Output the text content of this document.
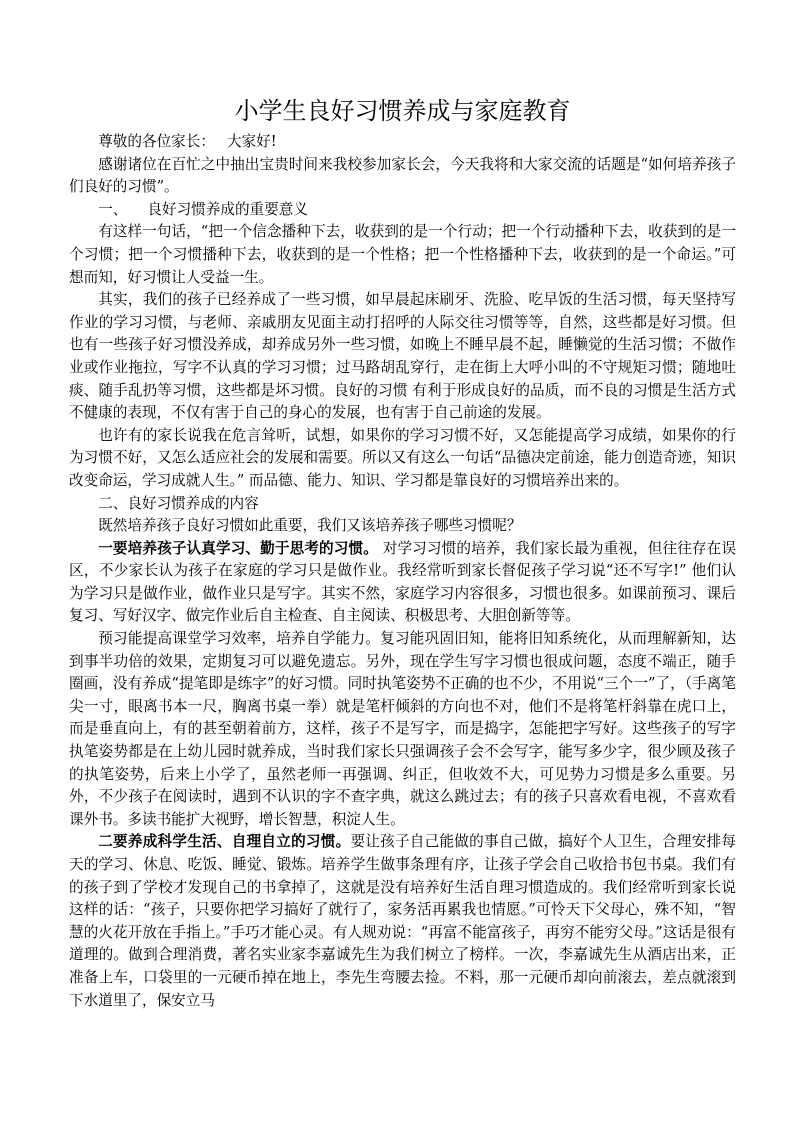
小学生良好习惯养成与家庭教育

尊敬的各位家长： 大家好!

感谢诸位在百忙之中抽出宝贵时间来我校参加家长会，今天我将和大家交流的话题是“如何培养孩子们良好的习惯”。

一、 良好习惯养成的重要意义

有这样一句话，“把一个信念播种下去，收获到的是一个行动；把一个行动播种下去，收获到的是一个习惯；把一个习惯播种下去，收获到的是一个性格；把一个性格播种下去，收获到的是一个命运。”可想而知，好习惯让人受益一生。

其实，我们的孩子已经养成了一些习惯，如早晨起床刷牙、洗脸、吃早饭的生活习惯，每天坚持写作业的学习习惯，与老师、亲戚朋友见面主动打招呼的人际交往习惯等等，自然，这些都是好习惯。但也有一些孩子好习惯没养成，却养成另外一些习惯，如晚上不睡早晨不起，睡懒觉的生活习惯；不做作业或作业拖拉，写字不认真的学习习惯；过马路胡乱穿行，走在街上大呼小叫的不守规矩习惯；随地吐痰、随手乱扔等习惯，这些都是坏习惯。良好的习惯 有利于形成良好的品质，而不良的习惯是生活方式不健康的表现，不仅有害于自己的身心的发展，也有害于自己前途的发展。

也许有的家长说我在危言耸听，试想，如果你的学习习惯不好，又怎能提高学习成绩，如果你的行为习惯不好，又怎么适应社会的发展和需要。所以又有这么一句话“品德决定前途，能力创造奇迹，知识改变命运，学习成就人生。” 而品德、能力、知识、学习都是靠良好的习惯培养出来的。

二、良好习惯养成的内容

既然培养孩子良好习惯如此重要，我们又该培养孩子哪些习惯呢？

一要培养孩子认真学习、勤于思考的习惯。 对学习习惯的培养，我们家长最为重视，但往往存在误区，不少家长认为孩子在家庭的学习只是做作业。我经常听到家长督促孩子学习说“还不写字!” 他们认为学习只是做作业，做作业只是写字。其实不然，家庭学习内容很多，习惯也很多。如课前预习、课后复习、写好汉字、做完作业后自主检查、自主阅读、积极思考、大胆创新等等。

预习能提高课堂学习效率，培养自学能力。复习能巩固旧知，能将旧知系统化，从而理解新知，达到事半功倍的效果，定期复习可以避免遗忘。另外，现在学生写字习惯也很成问题，态度不端正，随手圈画，没有养成“提笔即是练字”的好习惯。同时执笔姿势不正确的也不少，不用说“三个一”了，（手离笔尖一寸，眼离书本一尺，胸离书桌一拳）就是笔杆倾斜的方向也不对，他们不是将笔杆斜靠在虎口上，而是垂直向上，有的甚至朝着前方，这样，孩子不是写字，而是捣字，怎能把字写好。这些孩子的写字执笔姿势都是在上幼儿园时就养成，当时我们家长只强调孩子会不会写字，能写多少字，很少顾及孩子的执笔姿势，后来上小学了，虽然老师一再强调、纠正，但收效不大，可见势力习惯是多么重要。另外，不少孩子在阅读时，遇到不认识的字不查字典，就这么跳过去；有的孩子只喜欢看电视，不喜欢看课外书。多读书能扩大视野，增长智慧，积淀人生。

二要养成科学生活、自理自立的习惯。要让孩子自己能做的事自己做，搞好个人卫生，合理安排每天的学习、休息、吃饭、睡觉、锻炼。培养学生做事条理有序，让孩子学会自己收拾书包书桌。我们有的孩子到了学校才发现自己的书拿掉了，这就是没有培养好生活自理习惯造成的。我们经常听到家长说这样的话：“孩子，只要你把学习搞好了就行了，家务活再累我也情愿。”可怜天下父母心，殊不知，“智慧的火花开放在手指上。”手巧才能心灵。有人规劝说：“再富不能富孩子，再穷不能穷父母。”这话是很有道理的。做到合理消费，著名实业家李嘉诚先生为我们树立了榜样。一次，李嘉诚先生从酒店出来，正准备上车，口袋里的一元硬币掉在地上，李先生弯腰去捡。不料，那一元硬币却向前滚去，差点就滚到下水道里了，保安立马
